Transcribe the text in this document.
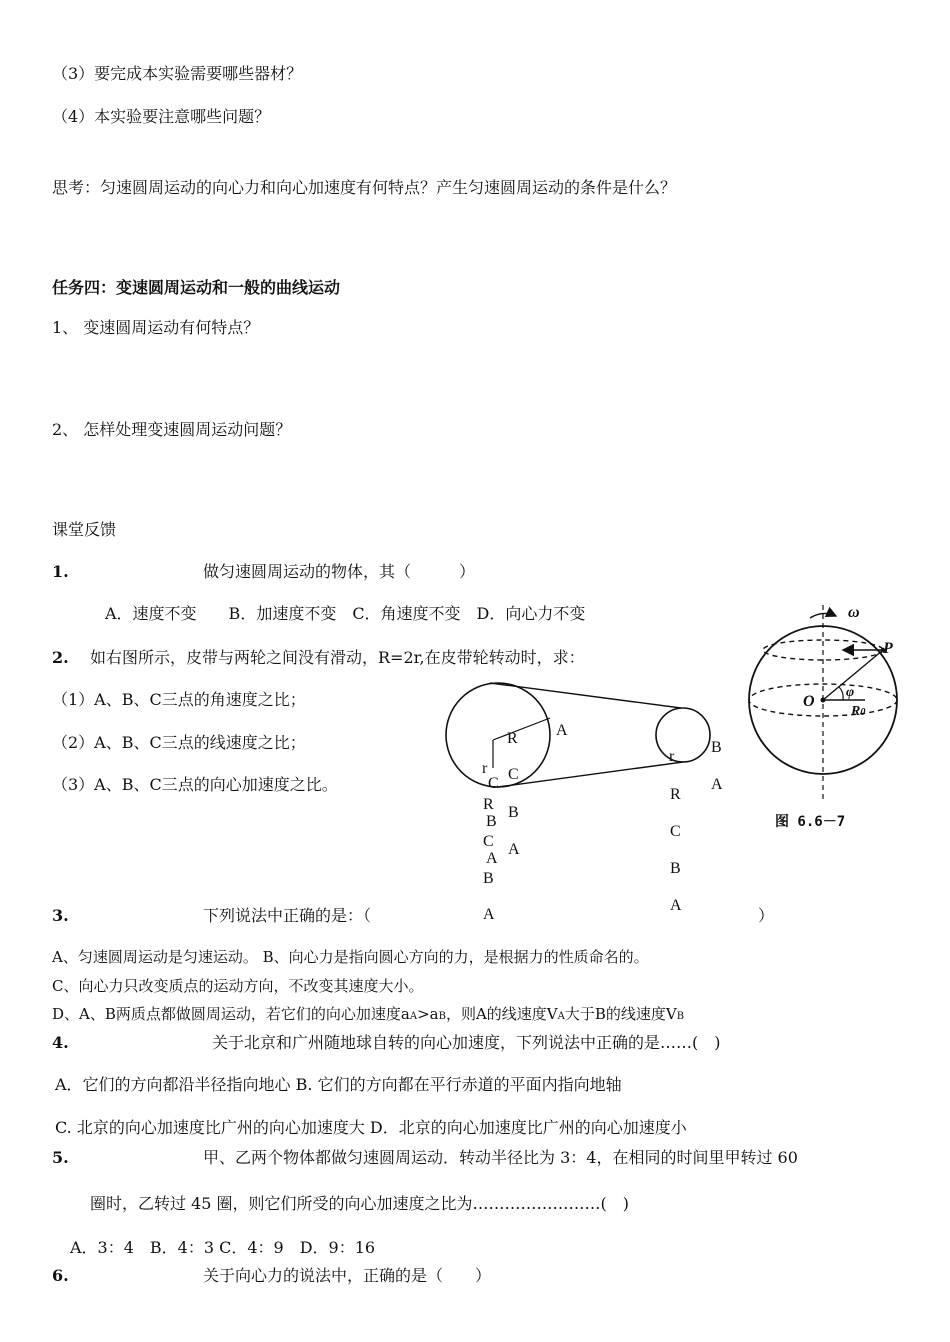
（3）要完成本实验需要哪些器材？
（4）本实验要注意哪些问题？
思考：匀速圆周运动的向心力和向心加速度有何特点？产生匀速圆周运动的条件是什么？
任务四：变速圆周运动和一般的曲线运动
1、 变速圆周运动有何特点？
2、 怎样处理变速圆周运动问题？
课堂反馈
1.	做匀速圆周运动的物体，其（　　　）
A．速度不变　　B．加速度不变　C．角速度不变　D．向心力不变
2. 如右图所示，皮带与两轮之间没有滑动，R=2r,在皮带轮转动时，求：
（1）A、B、C三点的角速度之比；
（2）A、B、C三点的线速度之比；
（3）A、B、C三点的向心加速度之比。
R A
r
C
C
R
B
B
C
A
A
B
A
r
B
A
R
C
B
A
ω
P
O
φ
R0
图 6.6－7
3.	下列说法中正确的是：（	）
A、匀速圆周运动是匀速运动。 B、向心力是指向圆心方向的力，是根据力的性质命名的。
C、向心力只改变质点的运动方向，不改变其速度大小。
D、A、B两质点都做圆周运动，若它们的向心加速度aA>aB，则A的线速度VA大于B的线速度VB
4.	关于北京和广州随地球自转的向心加速度，下列说法中正确的是……(　)
A．它们的方向都沿半径指向地心 B. 它们的方向都在平行赤道的平面内指向地轴
C. 北京的向心加速度比广州的向心加速度大 D．北京的向心加速度比广州的向心加速度小
5.	甲、乙两个物体都做匀速圆周运动．转动半径比为 3：4，在相同的时间里甲转过 60
圈时，乙转过 45 圈，则它们所受的向心加速度之比为……………………(　)
A．3：4　B．4：3 C．4：9　D．9：16
6.	关于向心力的说法中，正确的是（　　）
